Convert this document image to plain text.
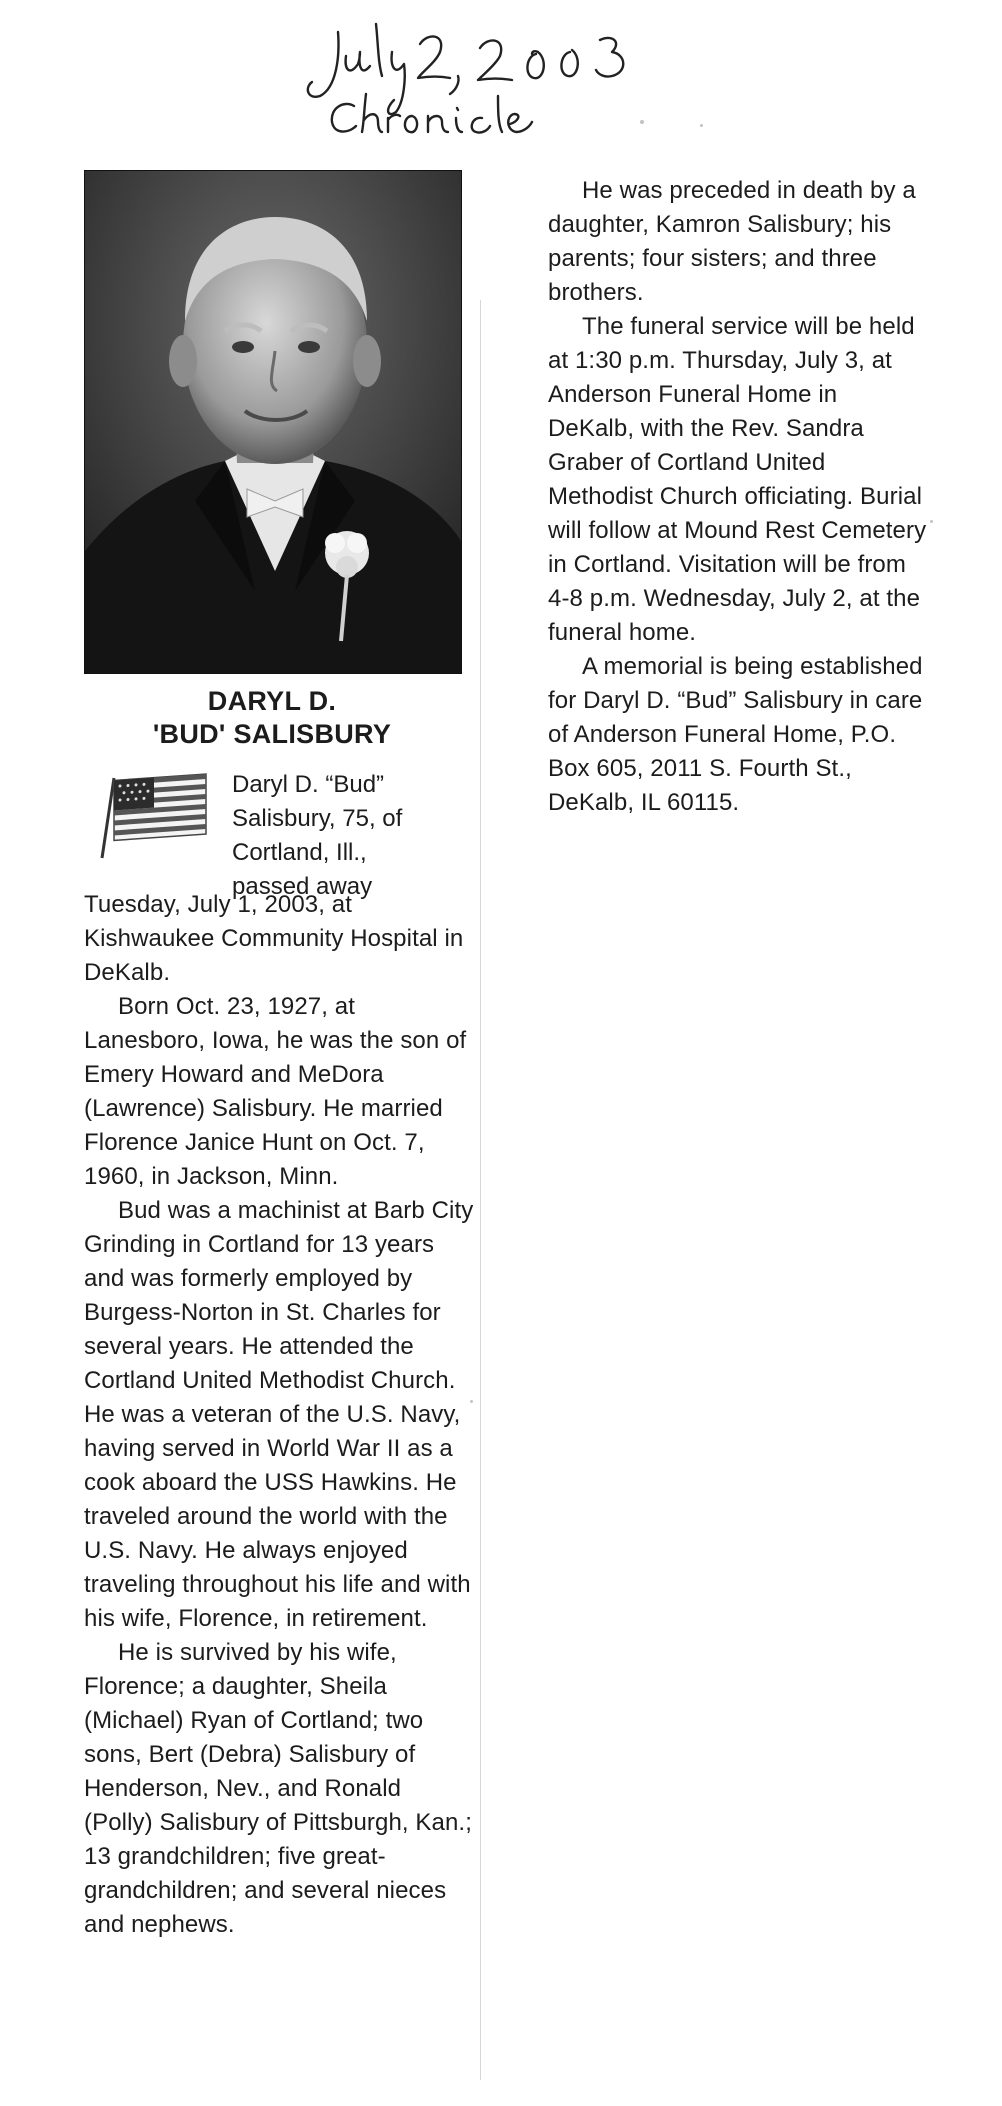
DARYL D.
'BUD' SALISBURY
Daryl D. “Bud”
Salisbury, 75, of
Cortland, Ill.,
passed away

Tuesday, July 1, 2003, at Kishwaukee Community Hospital in DeKalb.

Born Oct. 23, 1927, at Lanesboro, Iowa, he was the son of Emery Howard and MeDora (Lawrence) Salisbury. He married Florence Janice Hunt on Oct. 7, 1960, in Jackson, Minn.

Bud was a machinist at Barb City Grinding in Cortland for 13 years and was formerly employed by Burgess-Norton in St. Charles for several years. He attended the Cortland United Methodist Church. He was a veteran of the U.S. Navy, having served in World War II as a cook aboard the USS Hawkins. He traveled around the world with the U.S. Navy. He always enjoyed traveling throughout his life and with his wife, Florence, in retirement.

He is survived by his wife, Florence; a daughter, Sheila (Michael) Ryan of Cortland; two sons, Bert (Debra) Salisbury of Henderson, Nev., and Ronald (Polly) Salisbury of Pittsburgh, Kan.; 13 grandchildren; five great-grandchildren; and several nieces and nephews.

He was preceded in death by a daughter, Kamron Salisbury; his parents; four sisters; and three brothers.

The funeral service will be held at 1:30 p.m. Thursday, July 3, at Anderson Funeral Home in DeKalb, with the Rev. Sandra Graber of Cortland United Methodist Church officiating. Burial will follow at Mound Rest Cemetery in Cortland. Visitation will be from 4-8 p.m. Wednesday, July 2, at the funeral home.

A memorial is being established for Daryl D. “Bud” Salisbury in care of Anderson Funeral Home, P.O. Box 605, 2011 S. Fourth St., DeKalb, IL 60115.
